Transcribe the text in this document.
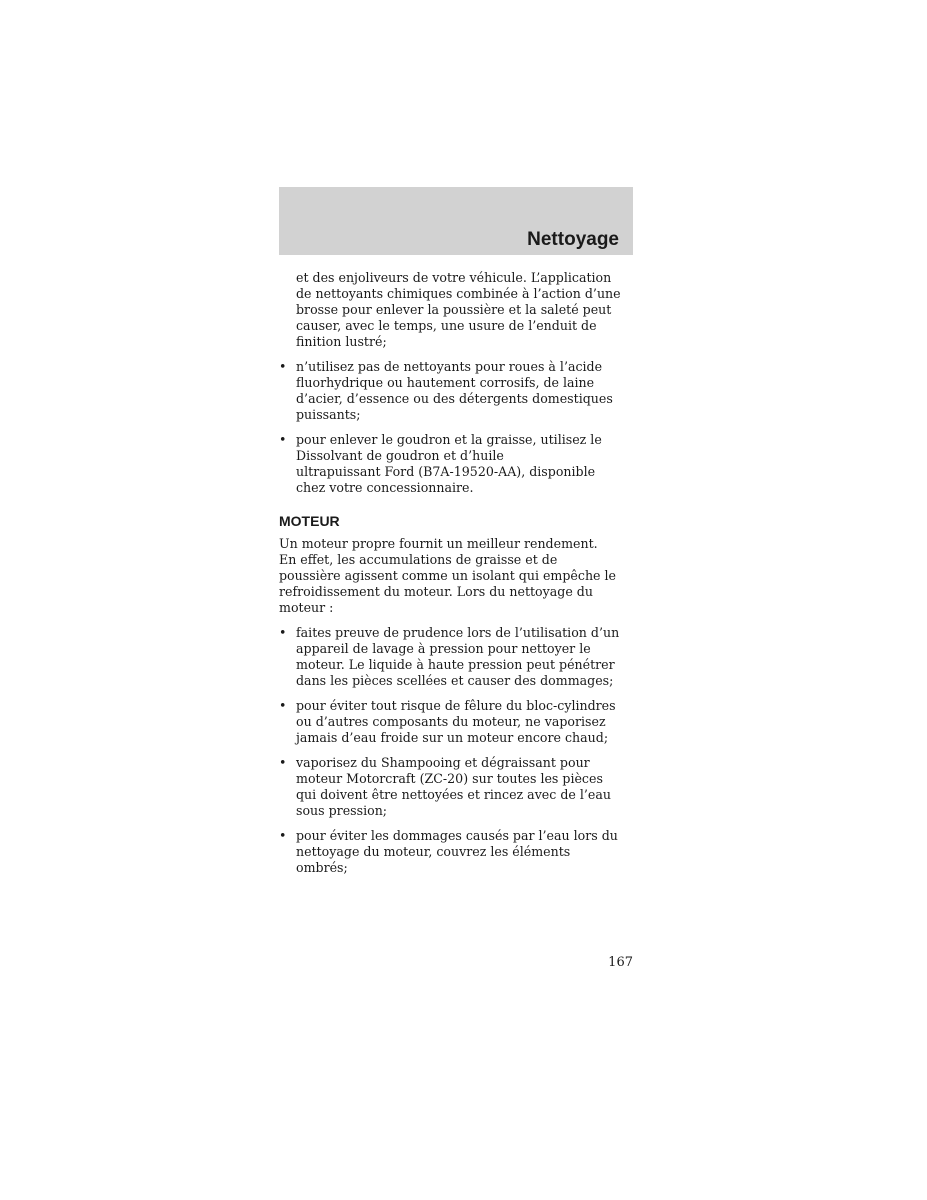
Nettoyage

et des enjoliveurs de votre véhicule. L’application
de nettoyants chimiques combinée à l’action d’une
brosse pour enlever la poussière et la saleté peut
causer, avec le temps, une usure de l’enduit de
finition lustré;

• n’utilisez pas de nettoyants pour roues à l’acide
fluorhydrique ou hautement corrosifs, de laine
d’acier, d’essence ou des détergents domestiques
puissants;
• pour enlever le goudron et la graisse, utilisez le
Dissolvant de goudron et d’huile
ultrapuissant Ford (B7A-19520-AA), disponible
chez votre concessionnaire.
MOTEUR

Un moteur propre fournit un meilleur rendement.
En effet, les accumulations de graisse et de
poussière agissent comme un isolant qui empêche le
refroidissement du moteur. Lors du nettoyage du
moteur :

• faites preuve de prudence lors de l’utilisation d’un
appareil de lavage à pression pour nettoyer le
moteur. Le liquide à haute pression peut pénétrer
dans les pièces scellées et causer des dommages;
• pour éviter tout risque de fêlure du bloc-cylindres
ou d’autres composants du moteur, ne vaporisez
jamais d’eau froide sur un moteur encore chaud;
• vaporisez du Shampooing et dégraissant pour
moteur Motorcraft (ZC-20) sur toutes les pièces
qui doivent être nettoyées et rincez avec de l’eau
sous pression;
• pour éviter les dommages causés par l’eau lors du
nettoyage du moteur, couvrez les éléments
ombrés;
167
